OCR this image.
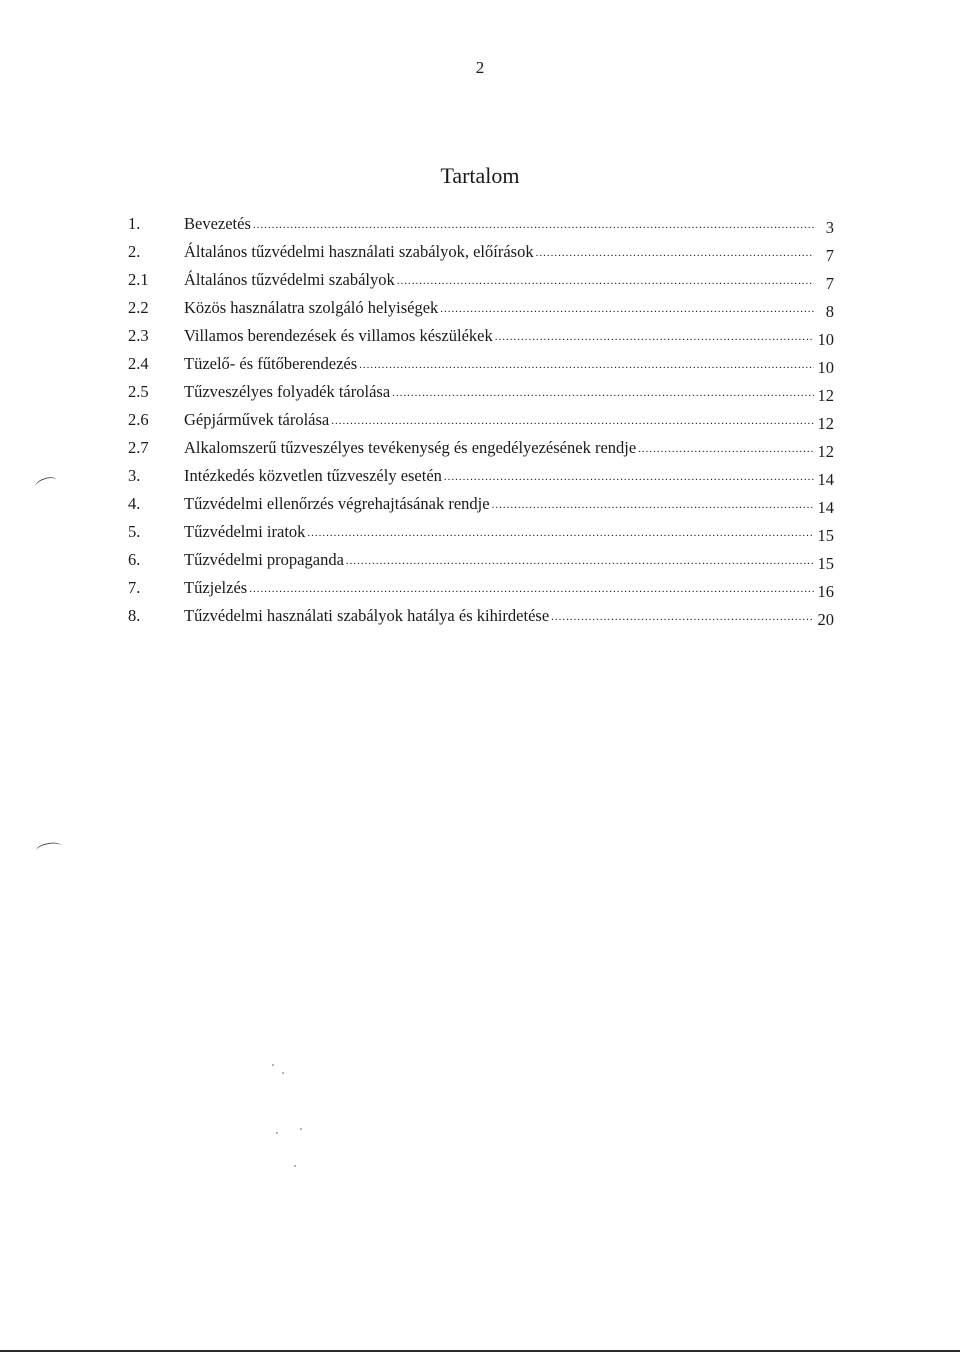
2
Tartalom
1.	Bevezetés .....	3
2.	Általános tűzvédelmi használati szabályok, előírások .....	7
2.1	Általános tűzvédelmi szabályok .....	7
2.2	Közös használatra szolgáló helyiségek .....	8
2.3	Villamos berendezések és villamos készülékek .....	10
2.4	Tüzelő- és fűtőberendezés .....	10
2.5	Tűzveszélyes folyadék tárolása .....	12
2.6	Gépjárművek tárolása .....	12
2.7	Alkalomszerű tűzveszélyes tevékenység és engedélyezésének rendje .....	12
3.	Intézkedés közvetlen tűzveszély esetén .....	14
4.	Tűzvédelmi ellenőrzés végrehajtásának rendje .....	14
5.	Tűzvédelmi iratok .....	15
6.	Tűzvédelmi propaganda .....	15
7.	Tűzjelzés .....	16
8.	Tűzvédelmi használati szabályok hatálya és kihirdetése .....	20
